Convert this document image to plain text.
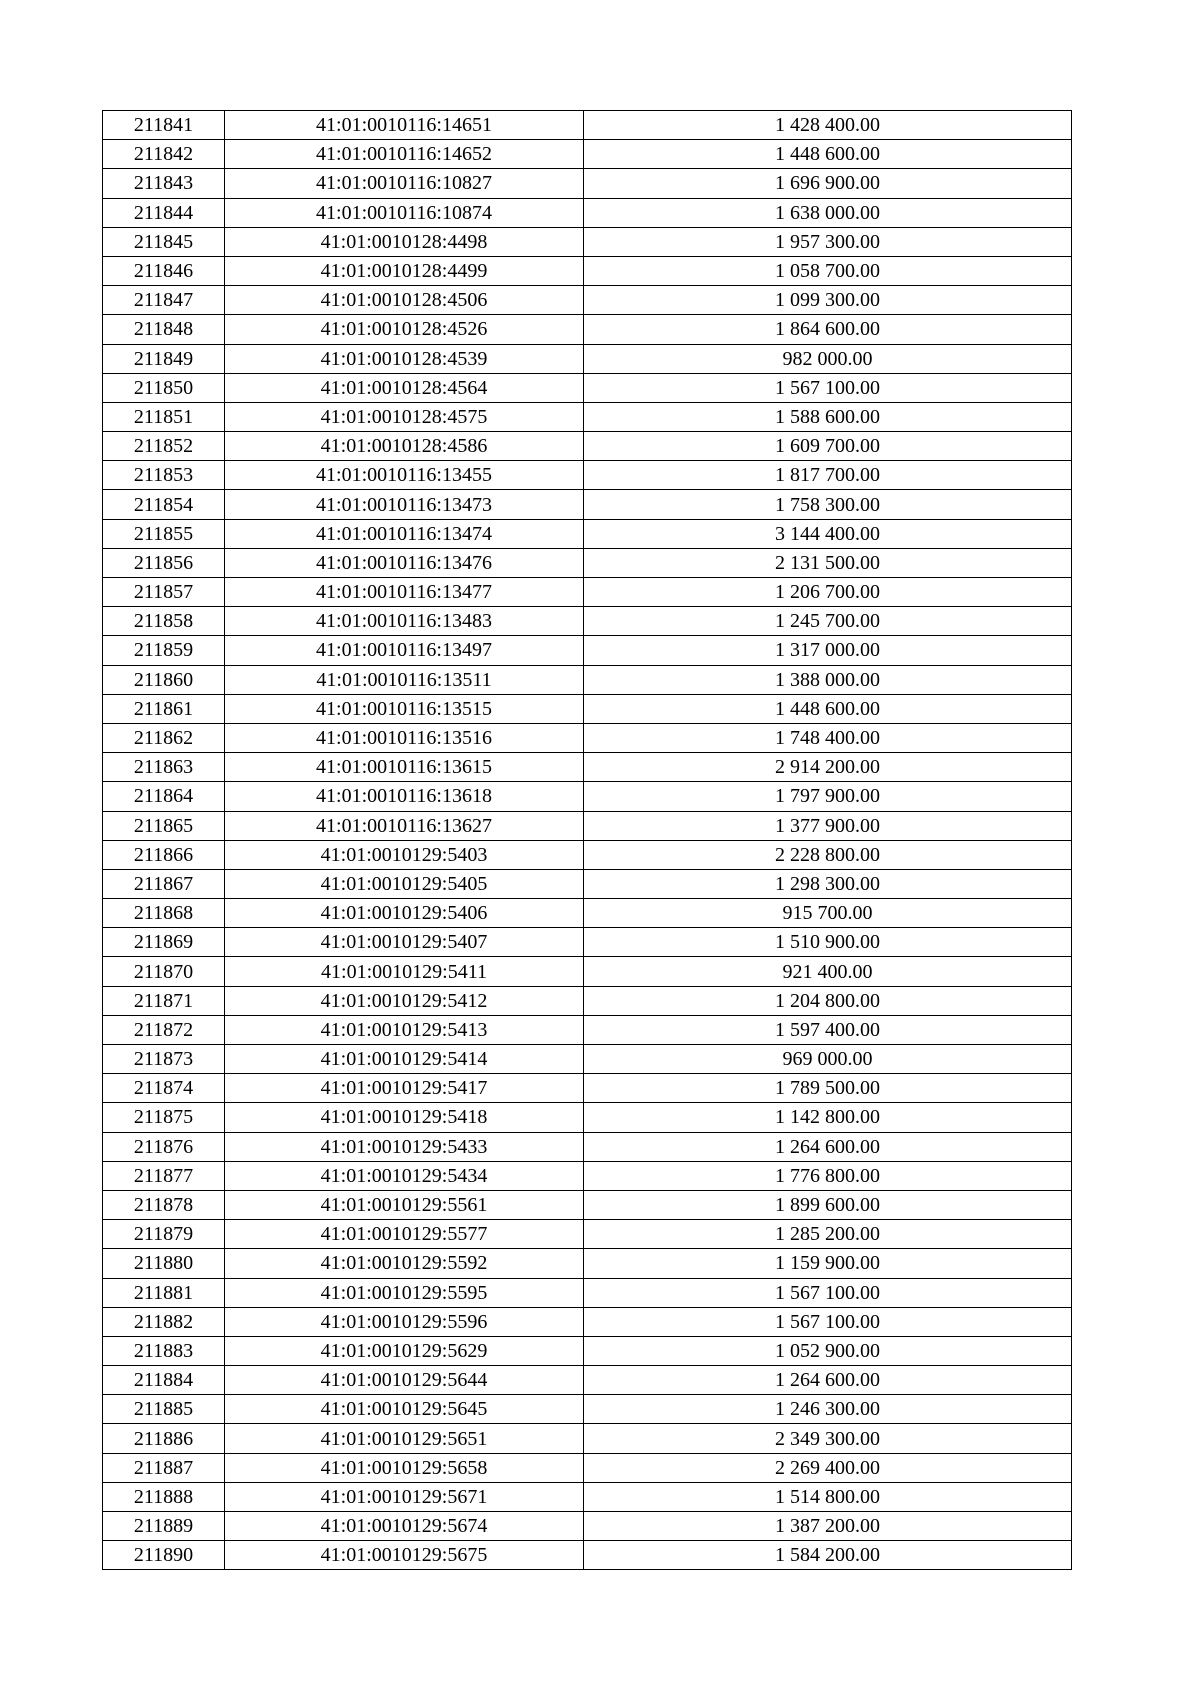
211841	41:01:0010116:14651	1 428 400.00
211842	41:01:0010116:14652	1 448 600.00
211843	41:01:0010116:10827	1 696 900.00
211844	41:01:0010116:10874	1 638 000.00
211845	41:01:0010128:4498	1 957 300.00
211846	41:01:0010128:4499	1 058 700.00
211847	41:01:0010128:4506	1 099 300.00
211848	41:01:0010128:4526	1 864 600.00
211849	41:01:0010128:4539	982 000.00
211850	41:01:0010128:4564	1 567 100.00
211851	41:01:0010128:4575	1 588 600.00
211852	41:01:0010128:4586	1 609 700.00
211853	41:01:0010116:13455	1 817 700.00
211854	41:01:0010116:13473	1 758 300.00
211855	41:01:0010116:13474	3 144 400.00
211856	41:01:0010116:13476	2 131 500.00
211857	41:01:0010116:13477	1 206 700.00
211858	41:01:0010116:13483	1 245 700.00
211859	41:01:0010116:13497	1 317 000.00
211860	41:01:0010116:13511	1 388 000.00
211861	41:01:0010116:13515	1 448 600.00
211862	41:01:0010116:13516	1 748 400.00
211863	41:01:0010116:13615	2 914 200.00
211864	41:01:0010116:13618	1 797 900.00
211865	41:01:0010116:13627	1 377 900.00
211866	41:01:0010129:5403	2 228 800.00
211867	41:01:0010129:5405	1 298 300.00
211868	41:01:0010129:5406	915 700.00
211869	41:01:0010129:5407	1 510 900.00
211870	41:01:0010129:5411	921 400.00
211871	41:01:0010129:5412	1 204 800.00
211872	41:01:0010129:5413	1 597 400.00
211873	41:01:0010129:5414	969 000.00
211874	41:01:0010129:5417	1 789 500.00
211875	41:01:0010129:5418	1 142 800.00
211876	41:01:0010129:5433	1 264 600.00
211877	41:01:0010129:5434	1 776 800.00
211878	41:01:0010129:5561	1 899 600.00
211879	41:01:0010129:5577	1 285 200.00
211880	41:01:0010129:5592	1 159 900.00
211881	41:01:0010129:5595	1 567 100.00
211882	41:01:0010129:5596	1 567 100.00
211883	41:01:0010129:5629	1 052 900.00
211884	41:01:0010129:5644	1 264 600.00
211885	41:01:0010129:5645	1 246 300.00
211886	41:01:0010129:5651	2 349 300.00
211887	41:01:0010129:5658	2 269 400.00
211888	41:01:0010129:5671	1 514 800.00
211889	41:01:0010129:5674	1 387 200.00
211890	41:01:0010129:5675	1 584 200.00
